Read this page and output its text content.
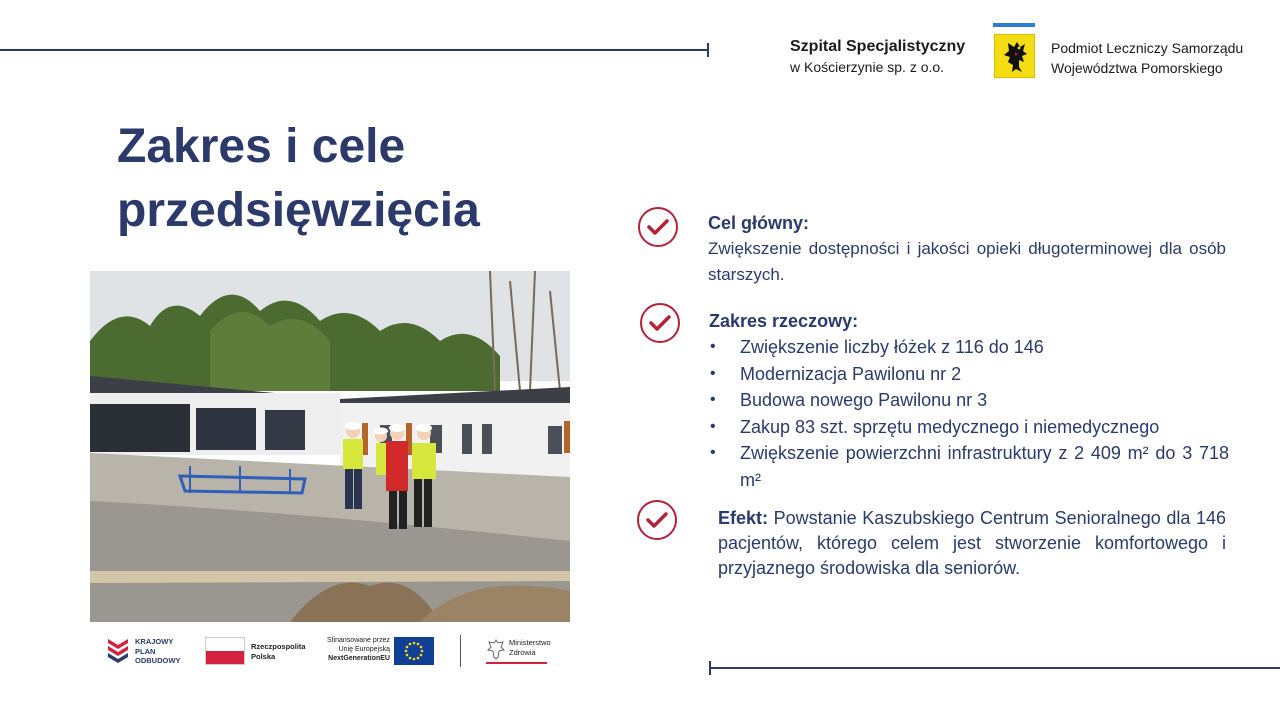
Szpital Specjalistyczny
w Kościerzynie sp. z o.o.
Podmiot Leczniczy Samorządu
Województwa Pomorskiego
Zakres i cele
przedsięwzięcia	Cel główny:
Zwiększenie dostępności i jakości opieki długoterminowej dla osób starszych.
Zakres rzeczowy:
• Zwiększenie liczby łóżek z 116 do 146
• Modernizacja Pawilonu nr 2
• Budowa nowego Pawilonu nr 3
• Zakup 83 szt. sprzętu medycznego i niemedycznego
• Zwiększenie powierzchni infrastruktury z 2 409 m² do 3 718 m²
Efekt: Powstanie Kaszubskiego Centrum Senioralnego dla 146 pacjentów, którego celem jest stworzenie komfortowego i przyjaznego środowiska dla seniorów.
KRAJOWY
PLAN
ODBUDOWY
Rzeczpospolita
Polska
Sfinansowane przez
Unię Europejską
NextGenerationEU
Ministerstwo
Zdrowia
